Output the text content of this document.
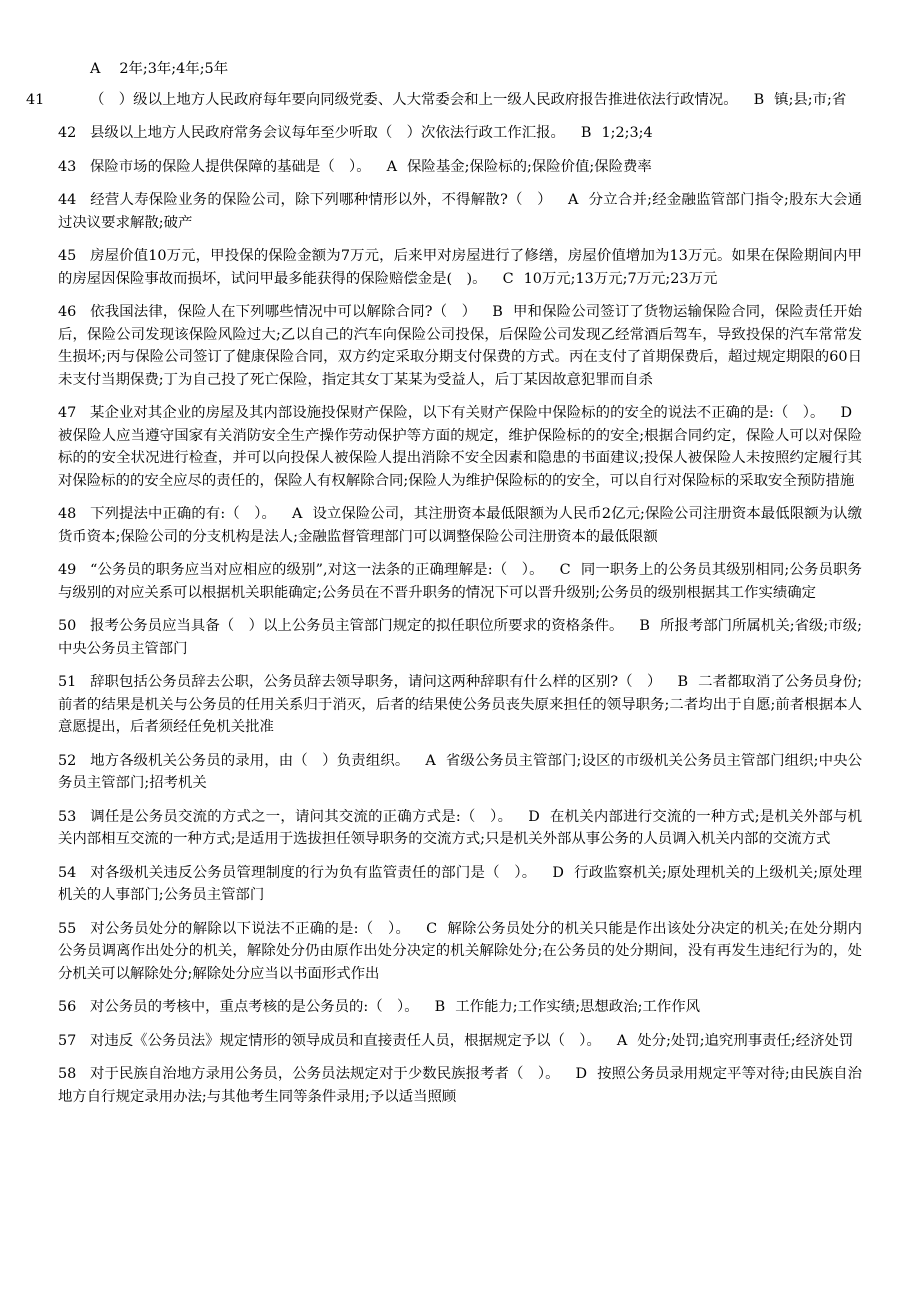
A　 2年;3年;4年;5年

41	（　）级以上地方人民政府每年要向同级党委、人大常委会和上一级人民政府报告推进依法行政情况。 B 镇;县;市;省
42 县级以上地方人民政府常务会议每年至少听取（　）次依法行政工作汇报。 B 1;2;3;4
43 保险市场的保险人提供保障的基础是（　）。 A 保险基金;保险标的;保险价值;保险费率
44 经营人寿保险业务的保险公司，除下列哪种情形以外，不得解散?（　） A 分立合并;经金融监管部门指令;股东大会通过决议要求解散;破产
45 房屋价值10万元，甲投保的保险金额为7万元，后来甲对房屋进行了修缮，房屋价值增加为13万元。如果在保险期间内甲的房屋因保险事故而损坏，试问甲最多能获得的保险赔偿金是(　)。 C 10万元;13万元;7万元;23万元
46 依我国法律，保险人在下列哪些情况中可以解除合同?（　） B 甲和保险公司签订了货物运输保险合同，保险责任开始后，保险公司发现该保险风险过大;乙以自己的汽车向保险公司投保，后保险公司发现乙经常酒后驾车，导致投保的汽车常常发生损坏;丙与保险公司签订了健康保险合同，双方约定采取分期支付保费的方式。丙在支付了首期保费后，超过规定期限的60日未支付当期保费;丁为自己投了死亡保险，指定其女丁某某为受益人，后丁某因故意犯罪而自杀
47 某企业对其企业的房屋及其内部设施投保财产保险，以下有关财产保险中保险标的的安全的说法不正确的是:（　）。 D被保险人应当遵守国家有关消防安全生产操作劳动保护等方面的规定，维护保险标的的安全;根据合同约定，保险人可以对保险标的的安全状况进行检查，并可以向投保人被保险人提出消除不安全因素和隐患的书面建议;投保人被保险人未按照约定履行其对保险标的的安全应尽的责任的，保险人有权解除合同;保险人为维护保险标的的安全，可以自行对保险标的采取安全预防措施
48 下列提法中正确的有:（　）。 A 设立保险公司，其注册资本最低限额为人民币2亿元;保险公司注册资本最低限额为认缴货币资本;保险公司的分支机构是法人;金融监督管理部门可以调整保险公司注册资本的最低限额
49 “公务员的职务应当对应相应的级别”,对这一法条的正确理解是:（　）。 C 同一职务上的公务员其级别相同;公务员职务与级别的对应关系可以根据机关职能确定;公务员在不晋升职务的情况下可以晋升级别;公务员的级别根据其工作实绩确定
50 报考公务员应当具备（　）以上公务员主管部门规定的拟任职位所要求的资格条件。 B 所报考部门所属机关;省级;市级;中央公务员主管部门
51 辞职包括公务员辞去公职，公务员辞去领导职务，请问这两种辞职有什么样的区别?（　） B 二者都取消了公务员身份;前者的结果是机关与公务员的任用关系归于消灭，后者的结果使公务员丧失原来担任的领导职务;二者均出于自愿;前者根据本人意愿提出，后者须经任免机关批准
52 地方各级机关公务员的录用，由（　）负责组织。 A 省级公务员主管部门;设区的市级机关公务员主管部门组织;中央公务员主管部门;招考机关
53 调任是公务员交流的方式之一，请问其交流的正确方式是:（　）。 D 在机关内部进行交流的一种方式;是机关外部与机关内部相互交流的一种方式;是适用于选拔担任领导职务的交流方式;只是机关外部从事公务的人员调入机关内部的交流方式
54 对各级机关违反公务员管理制度的行为负有监管责任的部门是（　）。 D 行政监察机关;原处理机关的上级机关;原处理机关的人事部门;公务员主管部门
55 对公务员处分的解除以下说法不正确的是:（　）。 C 解除公务员处分的机关只能是作出该处分决定的机关;在处分期内公务员调离作出处分的机关，解除处分仍由原作出处分决定的机关解除处分;在公务员的处分期间，没有再发生违纪行为的，处分机关可以解除处分;解除处分应当以书面形式作出
56 对公务员的考核中，重点考核的是公务员的:（　）。 B 工作能力;工作实绩;思想政治;工作作风
57 对违反《公务员法》规定情形的领导成员和直接责任人员，根据规定予以（　）。 A 处分;处罚;追究刑事责任;经济处罚
58 对于民族自治地方录用公务员，公务员法规定对于少数民族报考者（　）。 D 按照公务员录用规定平等对待;由民族自治地方自行规定录用办法;与其他考生同等条件录用;予以适当照顾
